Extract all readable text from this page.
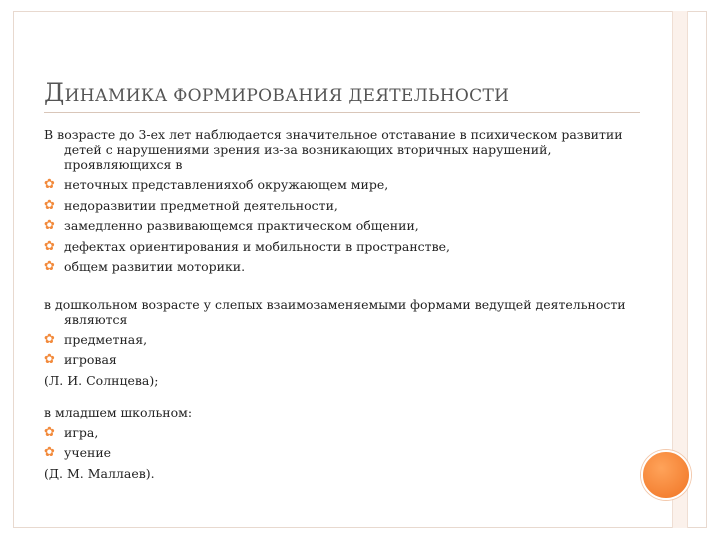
ДИНАМИКА ФОРМИРОВАНИЯ ДЕЯТЕЛЬНОСТИ

В возрасте до 3-ех лет наблюдается значительное отставание в психическом развитии детей с нарушениями зрения из-за возникающих вторичных нарушений, проявляющихся в

✿ неточных представленияхоб окружающем мире,
✿ недоразвитии предметной деятельности,
✿ замедленно развивающемся практическом общении,
✿ дефектах ориентирования и мобильности в пространстве,
✿ общем развитии моторики.

в дошкольном возрасте у слепых взаимозаменяемыми формами ведущей деятельности являются

✿ предметная,
✿ игровая

(Л. И. Солнцева);

в младшем школьном:

✿ игра,
✿ учение

(Д. М. Маллаев).
